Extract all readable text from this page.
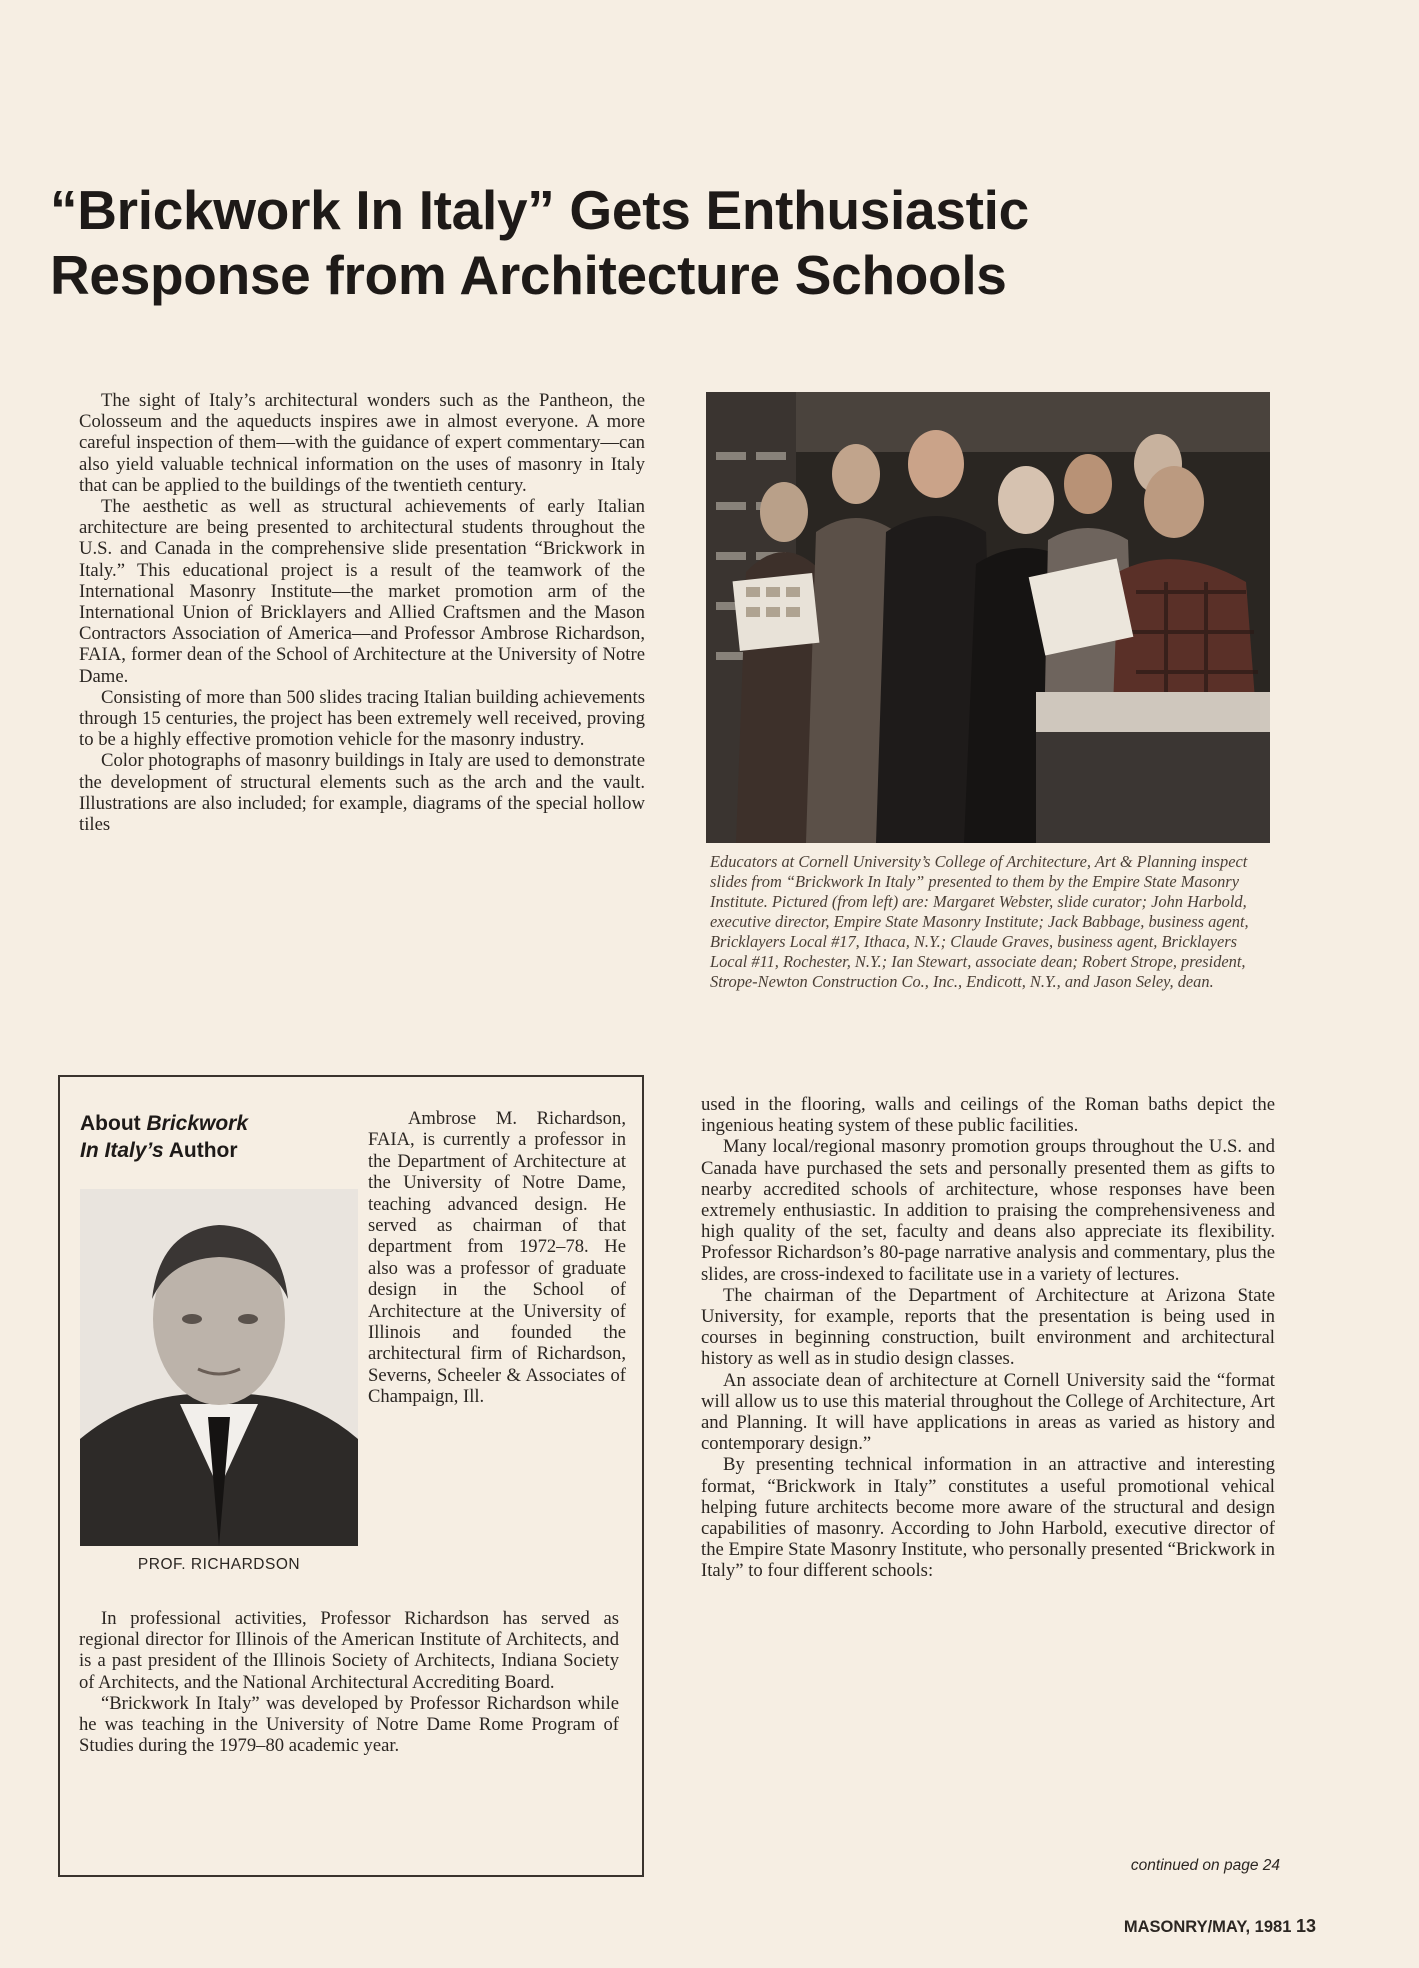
“Brickwork In Italy” Gets Enthusiastic
Response from Architecture Schools

The sight of Italy’s architectural wonders such as the Pantheon, the Colosseum and the aqueducts inspires awe in almost everyone. A more careful inspection of them—with the guidance of expert commentary—can also yield valuable technical information on the uses of masonry in Italy that can be applied to the buildings of the twentieth century.

The aesthetic as well as structural achievements of early Italian architecture are being presented to architectural students throughout the U.S. and Canada in the comprehensive slide presentation “Brickwork in Italy.” This educational project is a result of the teamwork of the International Masonry Institute—the market promotion arm of the International Union of Bricklayers and Allied Craftsmen and the Mason Contractors Association of America—and Professor Ambrose Richardson, FAIA, former dean of the School of Architecture at the University of Notre Dame.

Consisting of more than 500 slides tracing Italian building achievements through 15 centuries, the project has been extremely well received, proving to be a highly effective promotion vehicle for the masonry industry.

Color photographs of masonry buildings in Italy are used to demonstrate the development of structural elements such as the arch and the vault. Illustrations are also included; for example, diagrams of the special hollow tiles

Educators at Cornell University’s College of Architecture, Art & Planning inspect slides from “Brickwork In Italy” presented to them by the Empire State Masonry Institute. Pictured (from left) are: Margaret Webster, slide curator; John Harbold, executive director, Empire State Masonry Institute; Jack Babbage, business agent, Bricklayers Local #17, Ithaca, N.Y.; Claude Graves, business agent, Bricklayers Local #11, Rochester, N.Y.; Ian Stewart, associate dean; Robert Strope, president, Strope-Newton Construction Co., Inc., Endicott, N.Y., and Jason Seley, dean.
About Brickwork
In Italy’s Author
PROF. RICHARDSON

Ambrose M. Richardson, FAIA, is currently a professor in the Department of Architecture at the University of Notre Dame, teaching advanced design. He served as chairman of that department from 1972–78. He also was a professor of graduate design in the School of Architecture at the University of Illinois and founded the architectural firm of Richardson, Severns, Scheeler & Associates of Champaign, Ill.

In professional activities, Professor Richardson has served as regional director for Illinois of the American Institute of Architects, and is a past president of the Illinois Society of Architects, Indiana Society of Architects, and the National Architectural Accrediting Board.

“Brickwork In Italy” was developed by Professor Richardson while he was teaching in the University of Notre Dame Rome Program of Studies during the 1979–80 academic year.

used in the flooring, walls and ceilings of the Roman baths depict the ingenious heating system of these public facilities.

Many local/regional masonry promotion groups throughout the U.S. and Canada have purchased the sets and personally presented them as gifts to nearby accredited schools of architecture, whose responses have been extremely enthusiastic. In addition to praising the comprehensiveness and high quality of the set, faculty and deans also appreciate its flexibility. Professor Richardson’s 80-page narrative analysis and commentary, plus the slides, are cross-indexed to facilitate use in a variety of lectures.

The chairman of the Department of Architecture at Arizona State University, for example, reports that the presentation is being used in courses in beginning construction, built environment and architectural history as well as in studio design classes.

An associate dean of architecture at Cornell University said the “format will allow us to use this material throughout the College of Architecture, Art and Planning. It will have applications in areas as varied as history and contemporary design.”

By presenting technical information in an attractive and interesting format, “Brickwork in Italy” constitutes a useful promotional vehical helping future architects become more aware of the structural and design capabilities of masonry. According to John Harbold, executive director of the Empire State Masonry Institute, who personally presented “Brickwork in Italy” to four different schools:

continued on page 24
MASONRY/MAY, 1981 13
